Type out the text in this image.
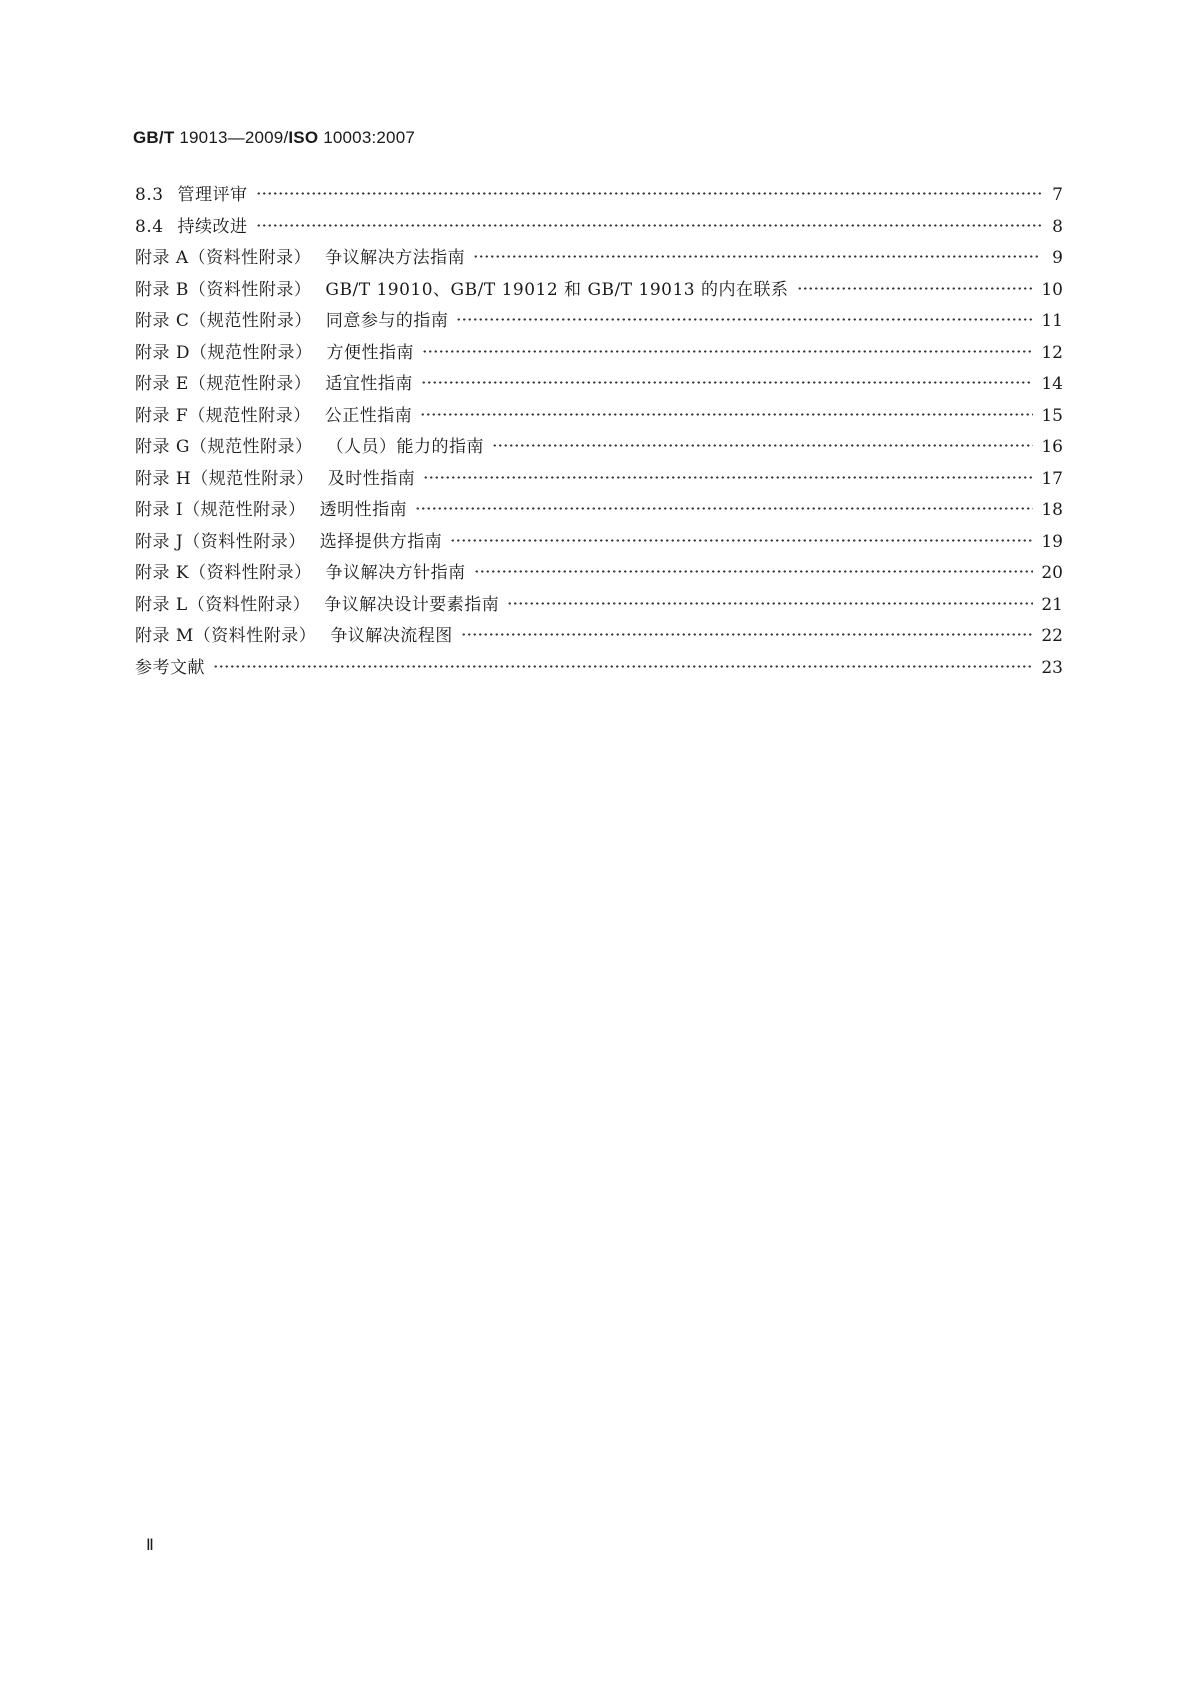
GB/T 19013—2009/ISO 10003:2007
8.3 管理评审	7
8.4 持续改进	8
附录 A（资料性附录） 争议解决方法指南	9
附录 B（资料性附录） GB/T 19010、GB/T 19012 和 GB/T 19013 的内在联系	10
附录 C（规范性附录） 同意参与的指南	11
附录 D（规范性附录） 方便性指南	12
附录 E（规范性附录） 适宜性指南	14
附录 F（规范性附录） 公正性指南	15
附录 G（规范性附录） （人员）能力的指南	16
附录 H（规范性附录） 及时性指南	17
附录 I（规范性附录） 透明性指南	18
附录 J（资料性附录） 选择提供方指南	19
附录 K（资料性附录） 争议解决方针指南	20
附录 L（资料性附录） 争议解决设计要素指南	21
附录 M（资料性附录） 争议解决流程图	22
参考文献	23
Ⅱ
